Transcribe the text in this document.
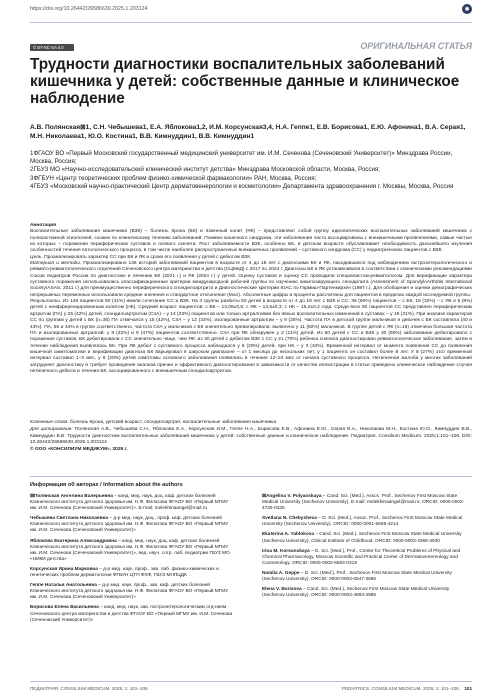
https://doi.org/10.26442/26586630.2025.1.203124	◉
© BY-NC-SA 4.0	ОРИГИНАЛЬНАЯ СТАТЬЯ
Трудности диагностики воспалительных заболеваний кишечника у детей: собственные данные и клиническое наблюдение
А.В. Полянская⊠1, С.Н. Чебышева1, Е.А. Яблокова1,2, И.М. Корсунская3,4, Н.А. Геппе1, Е.В. Борисова1, Е.Ю. Афонина1, В.А. Серая1, М.Н. Николаева1, Ю.О. Костина1, В.В. Кимнуддин1, В.В. Кимнуддин1
1ФГАОУ ВО «Первый Московский государственный медицинский университет им. И.М. Сеченова (Сеченовский Университет)» Минздрава России, Москва, Россия;
2ГБУЗ МО «Научно-исследовательский клинический институт детства» Минздрава Московской области, Москва, Россия;
3ФГБУН «Центр теоретических проблем физико-химической фармакологии» РАН, Москва, Россия;
4ГБУЗ «Московский научно-практический Центр дерматовенерологии и косметологии» Департамента здравоохранения г. Москвы, Москва, Россия

Аннотация

Воспалительные заболевания кишечника (ВЗК) – болезнь Крона (БК) и язвенный колит (ЯК) – представляют собой группу идиопатических воспалительных заболеваний кишечника с полисистемной этиологией, схожих по клиническому течению заболеваний. Помимо кишечного синдрома, эти заболевания часто ассоциированы с внекишечными проявлениями, самые частые из которых – поражение периферических суставов и осевого скелета. Рост заболеваемости ВЗК, особенно БК, в детском возрасте обуславливает необходимость дальнейшего изучения особенностей течения патологического процесса, в том числе наиболее распространенных внекишечных проявлений – суставного синдрома (СС) у педиатрических пациентов с ВЗК.

Цель. Проанализировать характер СС при БК и ЯК и сроки его появления у детей с дебютом ВЗК.

Материал и методы. Проанализировано 146 историй заболеваний пациентов в возрасте от 4 до 18 лет с диагнозами БК и ЯК, находившихся под наблюдением гастроэнтерологического и ревмато-ревматологического отделений Сеченовского центра материнства и детства (СЦМиД) с 2017 по 2024 г. Диагнозы БК и ЯК устанавливали в соответствии с клиническими рекомендациями Союза педиатров России по диагностике и лечению БК (2021 г.) и ЯК (2024 г.) у детей. Оценку суставов и оценку СС проводили специалистом-ревматологом. Для верификации характера суставного поражения использовались классификационные критерии международной рабочей группы по изучению анкилозирующего спондилита (Assessment of SpondyloArthritis International Society/ASAS, 2011 г.) для преимущественно периферического спондилоартрита и Диагностические критерии ЮАС по Гармиш-Партенкирхен (1987 г.). Для обобщения и оценки демографических непрерывных переменных использовали средние значения и стандартное отклонение (M±σ). Абсолютные цифры и проценты рассчитаны для пациентов в пределах каждой исследуемой группы.

Результаты. Из 146 пациентов 60 (41%) имели сочетание СС и ВЗК. На 3 группы разбиты 60 детей в возрасте от 4 до 18 лет с ВЗК и СС: 36 (60%) пациентов – с БК, 19 (32%) – с ЯК и 5 (8%) детей с неифференцированным колитом (НК). Средний возраст пациентов: с БК – 14,06±0,5; с ЯК – 13,6±0,3; с НК – 15,2±0,2 года. Среди всех 60 пациентов СС представлен периферическим артритом (ПА) у 25 (42%) детей, спондилоартритом (СпА) – у 14 (23%) пациентов или только артралгиями без явных воспалительных изменений в суставах – у 19 (31%). При анализе характеров СС по группам у детей с БК (n=36) ПА отмечался у 15 (42%), СпА – у 12 (33%), изолированные артралгии – у 9 (25%). Частота ПА в детской группе мальчиков и девочек с БК составляла (40 и 43%). ПА. 56 и 44% в группе соответственно, частота СпА у мальчиков с БК значительно превалировала: выявлено у 11 (92%) мальчиков. В группе детей с ЯК (n=19) отмечена большая частота ПА и изолированных артралгий: у 8 (42%) и 9 (47%) пациентов соответственно. СпА при ЯК обнаружен у 2 (11%) детей. Из 60 детей с СС и ВЗК у 30 (50%) заболевание дебютировало с поражения суставов. БК дебютировала с СС значительно чаще, чем ЯК: из 30 детей с дебютом ВЗК с СС у 21 (70%) ребенка сначала диагностирован ревматологическое заболевание, затем в течение наблюдения выявлялась БК. При ЯК дебют с суставного процесса наблюдался у 6 (20%) детей, при НК – у 3 (10%). Временной интервал от момента появления СС до появления кишечной симптоматики и верификации диагноза БК варьировал в широком диапазоне – от 1 месяца до нескольких лет, у 1 пациента он составил более 8 лет. У 8 (27%) этот временной интервал составил 1–3 мес, у 6 (20%) детей симптомы основного заболевания появились в течение 12–24 мес от начала суставного процесса. Нетипичная жалоба у многих заболеваний затрудняет диагностику и требует проведения анализа причин и эффективного диагностирования в зависимости от качестве иллюстрации в статье приведено клиническое наблюдение случая нетипичного дебюта и течения БК, ассоциированного с внекишечным спондилоартритом.

Ключевые слова: болезнь Крона, детский возраст, спондилоартрит, воспалительные заболевания кишечника

Для цитирования: Полянская А.В., Чебышева С.Н., Яблокова Е.А., Корсунская И.М., Геппе Н.А., Борисова Е.В., Афонина Е.Ю., Серая В.А., Николаева М.Н., Костина Ю.О., Кимнуддин В.В., Кимнуддин В.В. Трудности диагностики воспалительных заболеваний кишечника у детей: собственные данные и клиническое наблюдение. Педиатрия. Consilium Medicum. 2025;1:101–106. DOI: 10.26442/26586630.2025.1.203124

© ООО «КОНСИЛИУМ МЕДИКУМ», 2025 г.

Информация об авторах / Information about the authors
⊠Полянская Ангелина Валерьевна – канд. мед. наук, доц. каф. детских болезней Клинического института детского здоровья им. Н.Ф. Филатова ФГАОУ ВО «Первый МГМУ им. И.М. Сеченова (Сеченовский Университет)». E-mail: melekhinaangel@mail.ru
Чебышева Светлана Николаевна – д-р мед. наук, доц., проф. каф. детских болезней Клинического института детского здоровья им. Н.Ф. Филатова ФГАОУ ВО «Первый МГМУ им. И.М. Сеченова (Сеченовский Университет)»
Яблокова Екатерина Александровна – канд. мед. наук, доц. каф. детских болезней Клинического института детского здоровья им. Н.Ф. Филатова ФГАОУ ВО «Первый МГМУ им. И.М. Сеченова (Сеченовский Университет)», вед. науч. сотр. лаб. педиатрии ГБУЗ МО «НИКИ детства»
Корсунская Ирина Марковна – д-р мед. наук, проф., зав. лаб. физико-химических и генетических проблем дерматологии ФГБУН ЦТП ФХФ, ГБУЗ МНПЦДК
Геппе Наталья Анатольевна – д-р мед. наук, проф., зав. каф. детских болезней Клинического института детского здоровья им. Н.Ф. Филатова ФГАОУ ВО «Первый МГМУ им. И.М. Сеченова (Сеченовский Университет)»
Борисова Елена Васильевна – канд. мед. наук, зав. гастроэнтерологическим отд-нием Сеченовского центра материнства и детства ФГАОУ ВО «Первый МГМУ им. И.М. Сеченова (Сеченовский Университет)»
⊠Angelina V. Polyanskaya – Cand. Sci. (Med.), Assoc. Prof., Sechenov First Moscow State Medical University (Sechenov University). E-mail: melekhinaangel@mail.ru; ORCID: 0000-0002-4725-0335
Svetlana N. Chebysheva – D. Sci. (Med.), Assoc. Prof., Sechenov First Moscow State Medical University (Sechenov University). ORCID: 0000-0001-5669-4214
Ekaterina A. Yablokova – Cand. Sci. (Med.), Sechenov First Moscow State Medical University (Sechenov University), Clinical Institute of Childhood. ORCID: 0000-0003-4365-4930
Irina M. Korsunskaya – D. Sci. (Med.), Prof., Center for Theoretical Problems of Physical and Chemical Pharmacology, Moscow Scientific and Practical Center of Dermatovenereology and Cosmetology. ORCID: 0000-0002-6583-0318
Natalia A. Geppe – D. Sci. (Med.), Prof., Sechenov First Moscow State Medical University (Sechenov University). ORCID: 0000-0003-0547-3686
Elena V. Borisova – Cand. Sci. (Med.), Sechenov First Moscow State Medical University (Sechenov University). ORCID: 0000-0003-4893-4985
ПЕДИАТРИЯ. CONSILIUM MEDICUM. 2025; 1: 101–106.	PEDIATRICS. CONSILIUM MEDICUM. 2025; 1: 101–106. 101
